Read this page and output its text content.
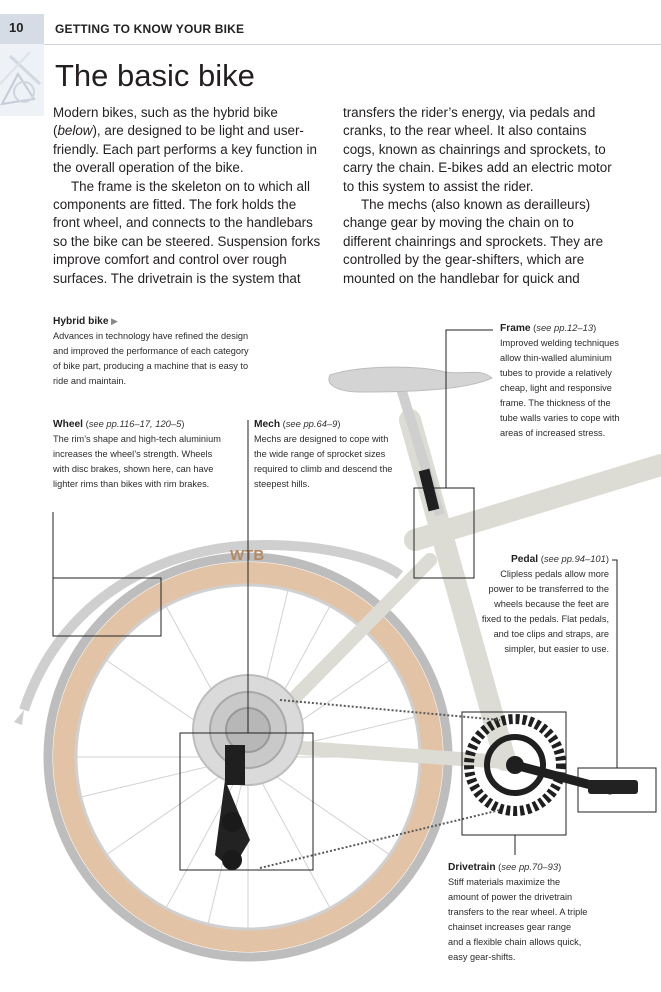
10	GETTING TO KNOW YOUR BIKE
The basic bike

Modern bikes, such as the hybrid bike (below), are designed to be light and user-friendly. Each part performs a key function in the overall operation of the bike.

The frame is the skeleton on to which all components are fitted. The fork holds the front wheel, and connects to the handlebars so the bike can be steered. Suspension forks improve comfort and control over rough surfaces. The drivetrain is the system that

transfers the rider’s energy, via pedals and cranks, to the rear wheel. It also contains cogs, known as chainrings and sprockets, to carry the chain. E-bikes add an electric motor to this system to assist the rider.

The mechs (also known as derailleurs) change gear by moving the chain on to different chainrings and sprockets. They are controlled by the gear-shifters, which are mounted on the handlebar for quick and

WTB
Hybrid bike ▶
Advances in technology have refined the design and improved the performance of each category of bike part, producing a machine that is easy to ride and maintain.
Wheel (see pp.116–17, 120–5)
The rim’s shape and high-tech aluminium increases the wheel’s strength. Wheels with disc brakes, shown here, can have lighter rims than bikes with rim brakes.
Mech (see pp.64–9)
Mechs are designed to cope with the wide range of sprocket sizes required to climb and descend the steepest hills.
Frame (see pp.12–13)
Improved welding techniques allow thin-walled aluminium tubes to provide a relatively cheap, light and responsive frame. The thickness of the tube walls varies to cope with areas of increased stress.
Pedal (see pp.94–101)
Clipless pedals allow more power to be transferred to the wheels because the feet are fixed to the pedals. Flat pedals, and toe clips and straps, are simpler, but easier to use.
Drivetrain (see pp.70–93)
Stiff materials maximize the amount of power the drivetrain transfers to the rear wheel. A triple chainset increases gear range and a flexible chain allows quick, easy gear-shifts.
